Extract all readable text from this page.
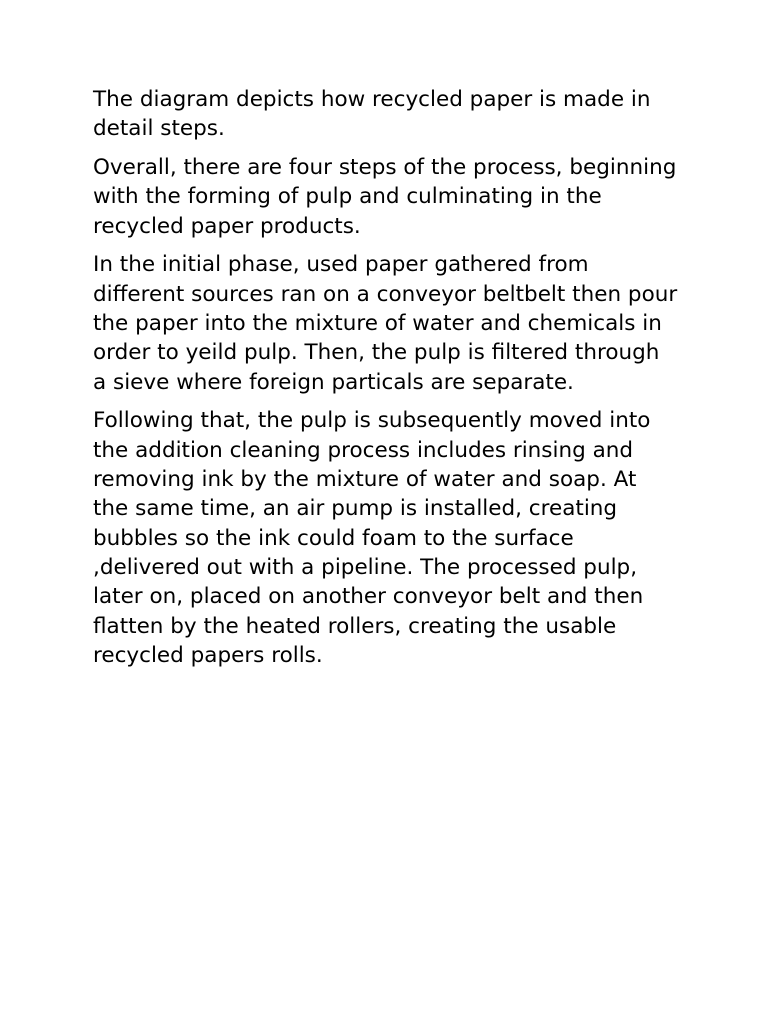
The diagram depicts how recycled paper is made in detail steps.

Overall, there are four steps of the process, beginning with the forming of pulp and culminating in the recycled paper products.

In the initial phase, used paper gathered from different sources ran on a conveyor beltbelt then pour the paper into the mixture of water and chemicals in order to yeild pulp. Then, the pulp is filtered through a sieve where foreign particals are separate.

Following that, the pulp is subsequently moved into the addition cleaning process includes rinsing and removing ink by the mixture of water and soap. At the same time, an air pump is installed, creating bubbles so the ink could foam to the surface ,delivered out with a pipeline. The processed pulp, later on, placed on another conveyor belt and then flatten by the heated rollers, creating the usable recycled papers rolls.
